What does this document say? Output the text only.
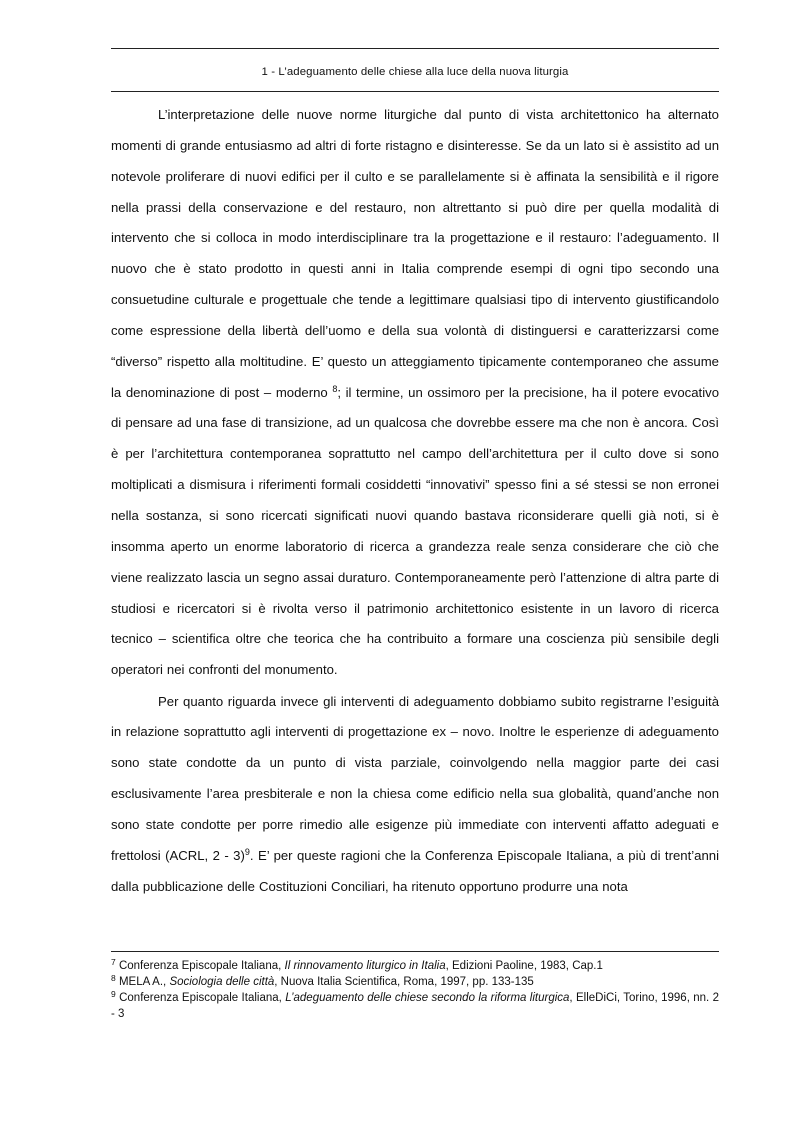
1 - L’adeguamento delle chiese alla luce della nuova liturgia

L’interpretazione delle nuove norme liturgiche dal punto di vista architettonico ha alternato momenti di grande entusiasmo ad altri di forte ristagno e disinteresse. Se da un lato si è assistito ad un notevole proliferare di nuovi edifici per il culto e se parallelamente si è affinata la sensibilità e il rigore nella prassi della conservazione e del restauro, non altrettanto si può dire per quella modalità di intervento che si colloca in modo interdisciplinare tra la progettazione e il restauro: l’adeguamento. Il nuovo che è stato prodotto in questi anni in Italia comprende esempi di ogni tipo secondo una consuetudine culturale e progettuale che tende a legittimare qualsiasi tipo di intervento giustificandolo come espressione della libertà dell’uomo e della sua volontà di distinguersi e caratterizzarsi come “diverso” rispetto alla moltitudine. E’ questo un atteggiamento tipicamente contemporaneo che assume la denominazione di post – moderno $^8$; il termine, un ossimoro per la precisione, ha il potere evocativo di pensare ad una fase di transizione, ad un qualcosa che dovrebbe essere ma che non è ancora. Così è per l’architettura contemporanea soprattutto nel campo dell’architettura per il culto dove si sono moltiplicati a dismisura i riferimenti formali cosiddetti “innovativi” spesso fini a sé stessi se non erronei nella sostanza, si sono ricercati significati nuovi quando bastava riconsiderare quelli già noti, si è insomma aperto un enorme laboratorio di ricerca a grandezza reale senza considerare che ciò che viene realizzato lascia un segno assai duraturo. Contemporaneamente però l’attenzione di altra parte di studiosi e ricercatori si è rivolta verso il patrimonio architettonico esistente in un lavoro di ricerca tecnico – scientifica oltre che teorica che ha contribuito a formare una coscienza più sensibile degli operatori nei confronti del monumento.

Per quanto riguarda invece gli interventi di adeguamento dobbiamo subito registrarne l’esiguità in relazione soprattutto agli interventi di progettazione ex – novo. Inoltre le esperienze di adeguamento sono state condotte da un punto di vista parziale, coinvolgendo nella maggior parte dei casi esclusivamente l’area presbiterale e non la chiesa come edificio nella sua globalità, quand’anche non sono state condotte per porre rimedio alle esigenze più immediate con interventi affatto adeguati e frettolosi (ACRL, 2 - 3)$^9$. E’ per queste ragioni che la Conferenza Episcopale Italiana, a più di trent’anni dalla pubblicazione delle Costituzioni Conciliari, ha ritenuto opportuno produrre una nota

$^7$ Conferenza Episcopale Italiana, Il rinnovamento liturgico in Italia, Edizioni Paoline, 1983, Cap.1

$^8$ MELA A., Sociologia delle città, Nuova Italia Scientifica, Roma, 1997, pp. 133-135

$^9$ Conferenza Episcopale Italiana, L’adeguamento delle chiese secondo la riforma liturgica, ElleDiCi, Torino, 1996, nn. 2 - 3
